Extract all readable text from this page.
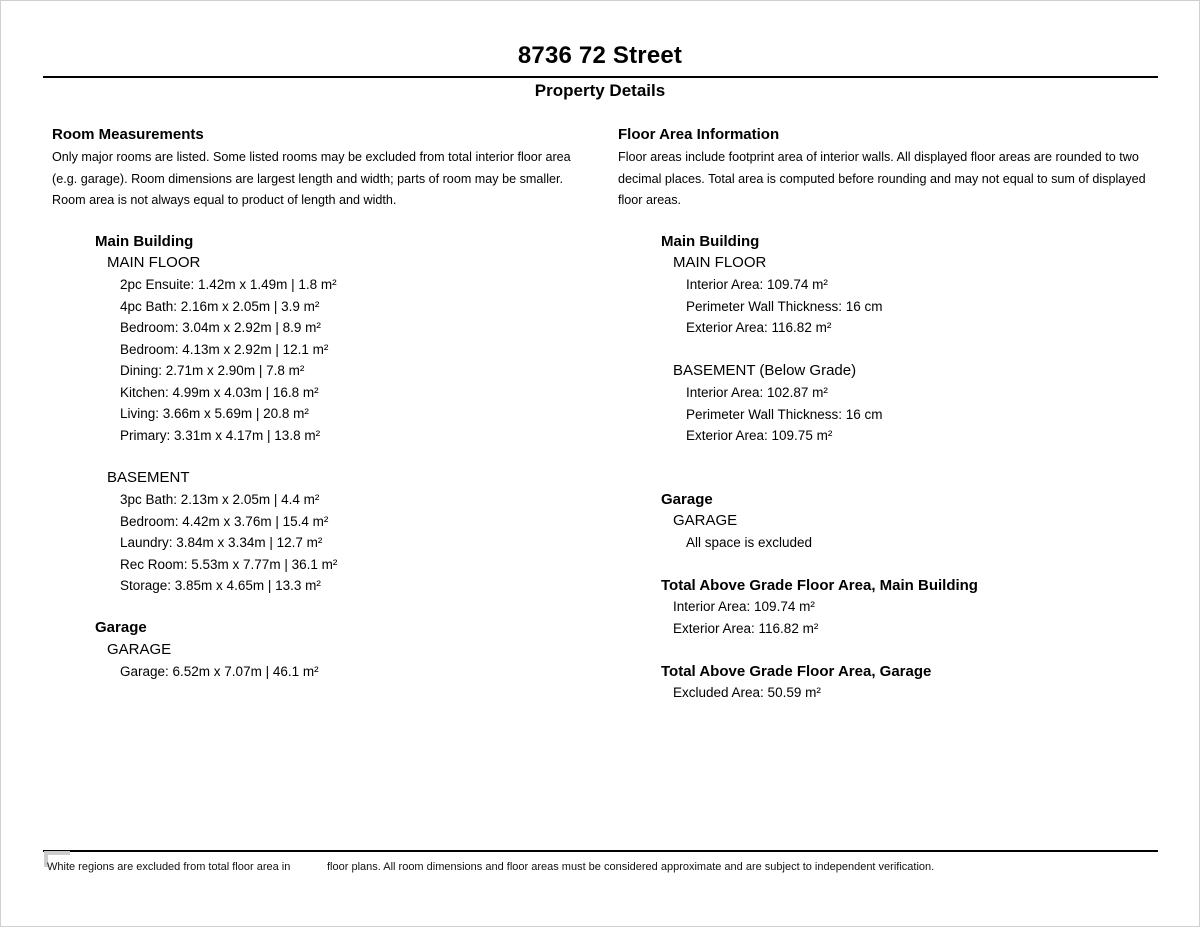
8736 72 Street
Property Details
Room Measurements

Only major rooms are listed. Some listed rooms may be excluded from total interior floor area (e.g. garage). Room dimensions are largest length and width; parts of room may be smaller. Room area is not always equal to product of length and width.

Main Building
MAIN FLOOR
2pc Ensuite: 1.42m x 1.49m | 1.8 m²
4pc Bath: 2.16m x 2.05m | 3.9 m²
Bedroom: 3.04m x 2.92m | 8.9 m²
Bedroom: 4.13m x 2.92m | 12.1 m²
Dining: 2.71m x 2.90m | 7.8 m²
Kitchen: 4.99m x 4.03m | 16.8 m²
Living: 3.66m x 5.69m | 20.8 m²
Primary: 3.31m x 4.17m | 13.8 m²
BASEMENT
3pc Bath: 2.13m x 2.05m | 4.4 m²
Bedroom: 4.42m x 3.76m | 15.4 m²
Laundry: 3.84m x 3.34m | 12.7 m²
Rec Room: 5.53m x 7.77m | 36.1 m²
Storage: 3.85m x 4.65m | 13.3 m²
Garage
GARAGE
Garage: 6.52m x 7.07m | 46.1 m²
Floor Area Information

Floor areas include footprint area of interior walls. All displayed floor areas are rounded to two decimal places. Total area is computed before rounding and may not equal to sum of displayed floor areas.

Main Building
MAIN FLOOR
Interior Area: 109.74 m²
Perimeter Wall Thickness: 16 cm
Exterior Area: 116.82 m²
BASEMENT (Below Grade)
Interior Area: 102.87 m²
Perimeter Wall Thickness: 16 cm
Exterior Area: 109.75 m²
Garage
GARAGE
All space is excluded
Total Above Grade Floor Area, Main Building
Interior Area: 109.74 m²
Exterior Area: 116.82 m²
Total Above Grade Floor Area, Garage
Excluded Area: 50.59 m²
White regions are excluded from total floor area in	floor plans. All room dimensions and floor areas must be considered approximate and are subject to independent verification.
